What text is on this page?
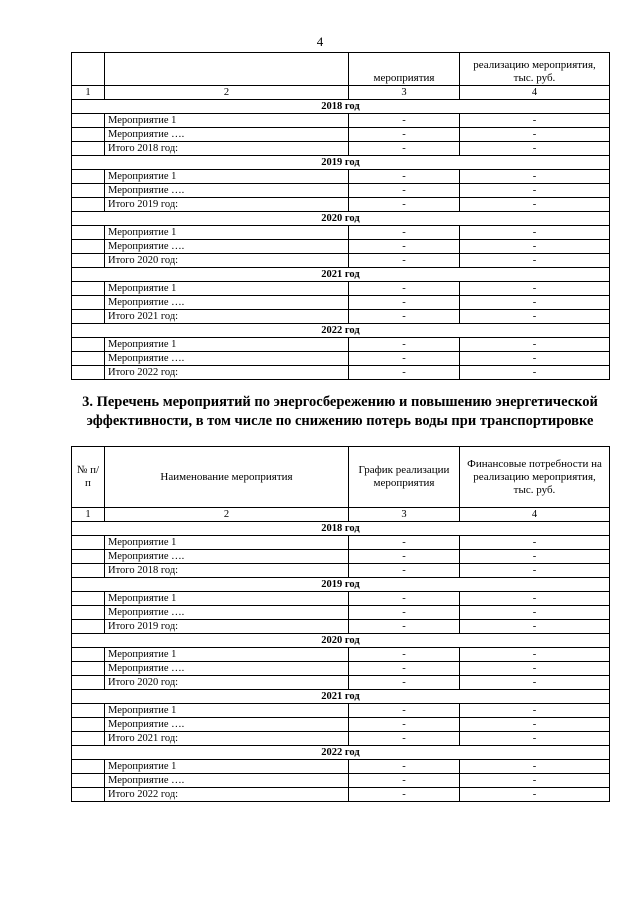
4
		мероприятия	реализацию мероприятия, тыс. руб.
1	2	3	4
2018 год			
	Мероприятие 1	-	-
	Мероприятие ….	-	-
	Итого 2018 год:	-	-
2019 год			
	Мероприятие 1	-	-
	Мероприятие ….	-	-
	Итого 2019 год:	-	-
2020 год			
	Мероприятие 1	-	-
	Мероприятие ….	-	-
	Итого 2020 год:	-	-
2021 год			
	Мероприятие 1	-	-
	Мероприятие ….	-	-
	Итого 2021 год:	-	-
2022 год			
	Мероприятие 1	-	-
	Мероприятие ….	-	-
	Итого 2022 год:	-	-
3. Перечень мероприятий по энергосбережению и повышению энергетической эффективности, в том числе по снижению потерь воды при транспортировке
№ п/п	Наименование мероприятия	График реализации мероприятия	Финансовые потребности на реализацию мероприятия, тыс. руб.
1	2	3	4
2018 год			
	Мероприятие 1	-	-
	Мероприятие ….	-	-
	Итого 2018 год:	-	-
2019 год			
	Мероприятие 1	-	-
	Мероприятие ….	-	-
	Итого 2019 год:	-	-
2020 год			
	Мероприятие 1	-	-
	Мероприятие ….	-	-
	Итого 2020 год:	-	-
2021 год			
	Мероприятие 1	-	-
	Мероприятие ….	-	-
	Итого 2021 год:	-	-
2022 год			
	Мероприятие 1	-	-
	Мероприятие ….	-	-
	Итого 2022 год:	-	-
